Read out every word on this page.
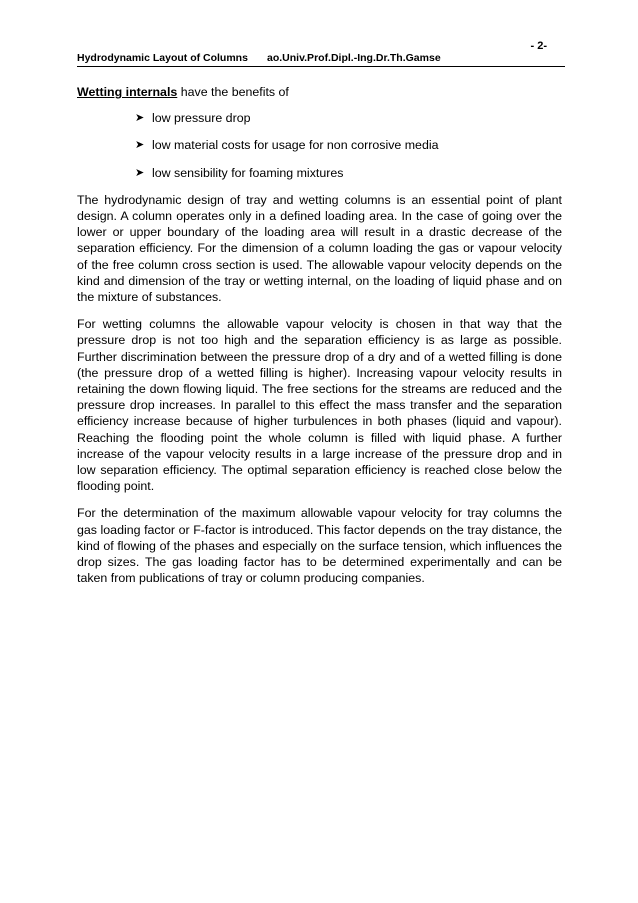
Hydrodynamic Layout of Columns ao.Univ.Prof.Dipl.-Ing.Dr.Th.Gamse
- 2-

Wetting internals have the benefits of

➤ low pressure drop
➤ low material costs for usage for non corrosive media
➤ low sensibility for foaming mixtures

The hydrodynamic design of tray and wetting columns is an essential point of plant design. A column operates only in a defined loading area. In the case of going over the lower or upper boundary of the loading area will result in a drastic decrease of the separation efficiency. For the dimension of a column loading the gas or vapour velocity of the free column cross section is used. The allowable vapour velocity depends on the kind and dimension of the tray or wetting internal, on the loading of liquid phase and on the mixture of substances.

For wetting columns the allowable vapour velocity is chosen in that way that the pressure drop is not too high and the separation efficiency is as large as possible. Further discrimination between the pressure drop of a dry and of a wetted filling is done (the pressure drop of a wetted filling is higher). Increasing vapour velocity results in retaining the down flowing liquid. The free sections for the streams are reduced and the pressure drop increases. In parallel to this effect the mass transfer and the separation efficiency increase because of higher turbulences in both phases (liquid and vapour). Reaching the flooding point the whole column is filled with liquid phase. A further increase of the vapour velocity results in a large increase of the pressure drop and in low separation efficiency. The optimal separation efficiency is reached close below the flooding point.

For the determination of the maximum allowable vapour velocity for tray columns the gas loading factor or F-factor is introduced. This factor depends on the tray distance, the kind of flowing of the phases and especially on the surface tension, which influences the drop sizes. The gas loading factor has to be determined experimentally and can be taken from publications of tray or column producing companies.
